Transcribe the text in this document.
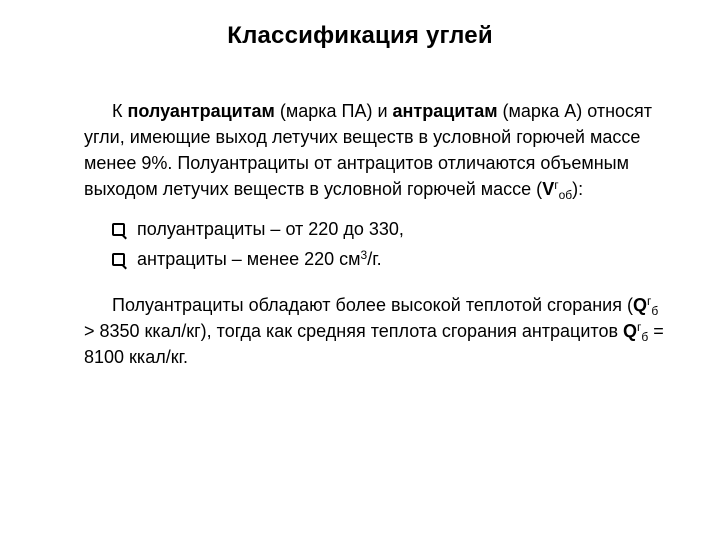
Классификация углей

К полуантрацитам (марка ПА) и антрацитам (марка А) относят угли, имеющие выход летучих веществ в условной горючей массе менее 9%. Полуантрациты от антрацитов отличаются объемным выходом летучих веществ в условной горючей массе $(V^г_{об})$:

полуантрациты – от 220 до 330,
антрациты – менее 220 $см^3/г$.

Полуантрациты обладают более высокой теплотой сгорания ($Q^г_б > 8350$ ккал/кг), тогда как средняя теплота сгорания антрацитов $Q^г_б = 8100$ ккал/кг.
